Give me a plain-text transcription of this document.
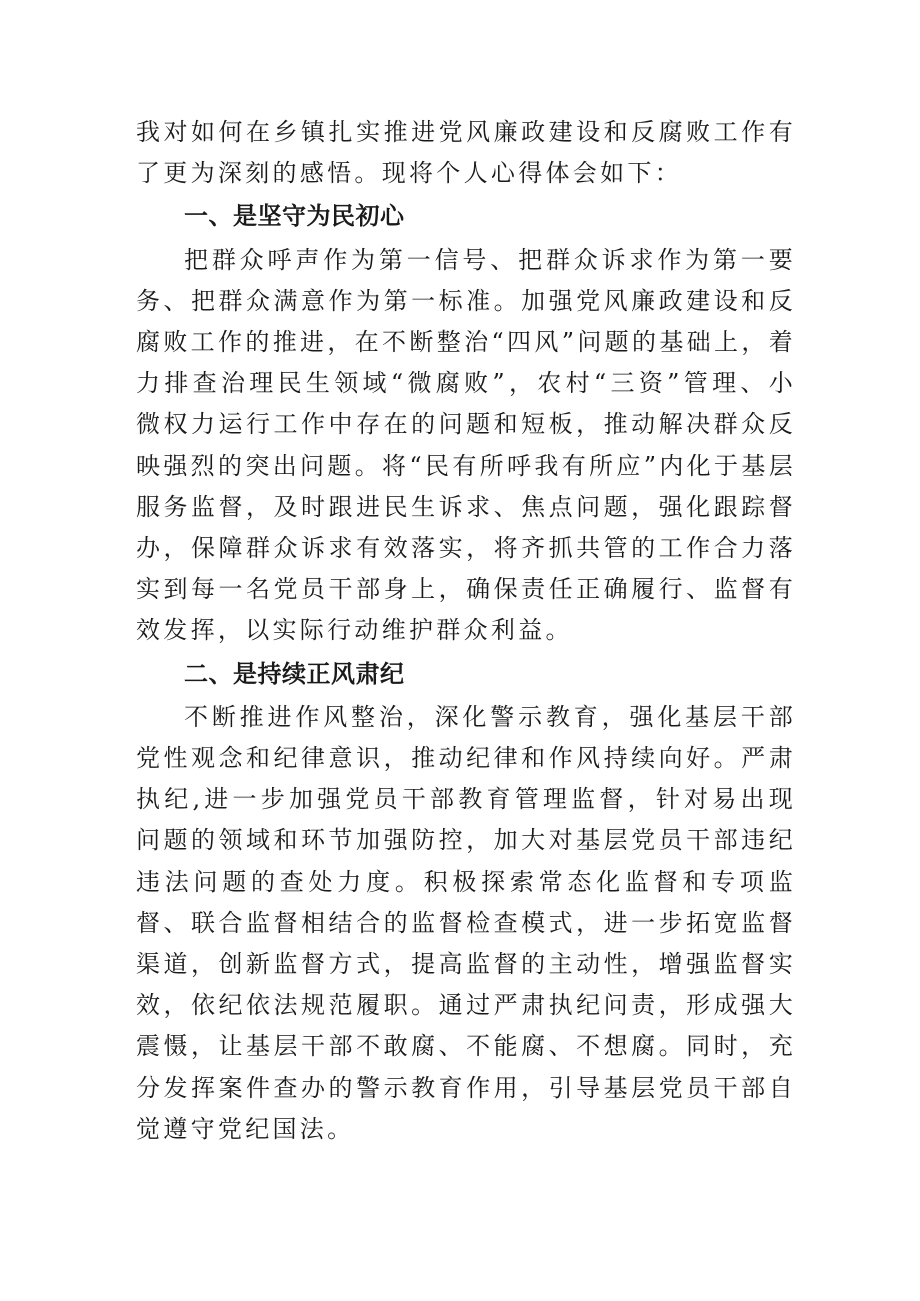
我对如何在乡镇扎实推进党风廉政建设和反腐败工作有了更为深刻的感悟。现将个人心得体会如下：

一、是坚守为民初心

把群众呼声作为第一信号、把群众诉求作为第一要务、把群众满意作为第一标准。加强党风廉政建设和反腐败工作的推进，在不断整治“四风”问题的基础上，着力排查治理民生领域“微腐败”，农村“三资”管理、小微权力运行工作中存在的问题和短板，推动解决群众反映强烈的突出问题。将“民有所呼我有所应”内化于基层服务监督，及时跟进民生诉求、焦点问题，强化跟踪督办，保障群众诉求有效落实，将齐抓共管的工作合力落实到每一名党员干部身上，确保责任正确履行、监督有效发挥，以实际行动维护群众利益。

二、是持续正风肃纪

不断推进作风整治，深化警示教育，强化基层干部党性观念和纪律意识，推动纪律和作风持续向好。严肃执纪,进一步加强党员干部教育管理监督，针对易出现问题的领域和环节加强防控，加大对基层党员干部违纪违法问题的查处力度。积极探索常态化监督和专项监督、联合监督相结合的监督检查模式，进一步拓宽监督渠道，创新监督方式，提高监督的主动性，增强监督实效，依纪依法规范履职。通过严肃执纪问责，形成强大震慑，让基层干部不敢腐、不能腐、不想腐。同时，充分发挥案件查办的警示教育作用，引导基层党员干部自觉遵守党纪国法。
